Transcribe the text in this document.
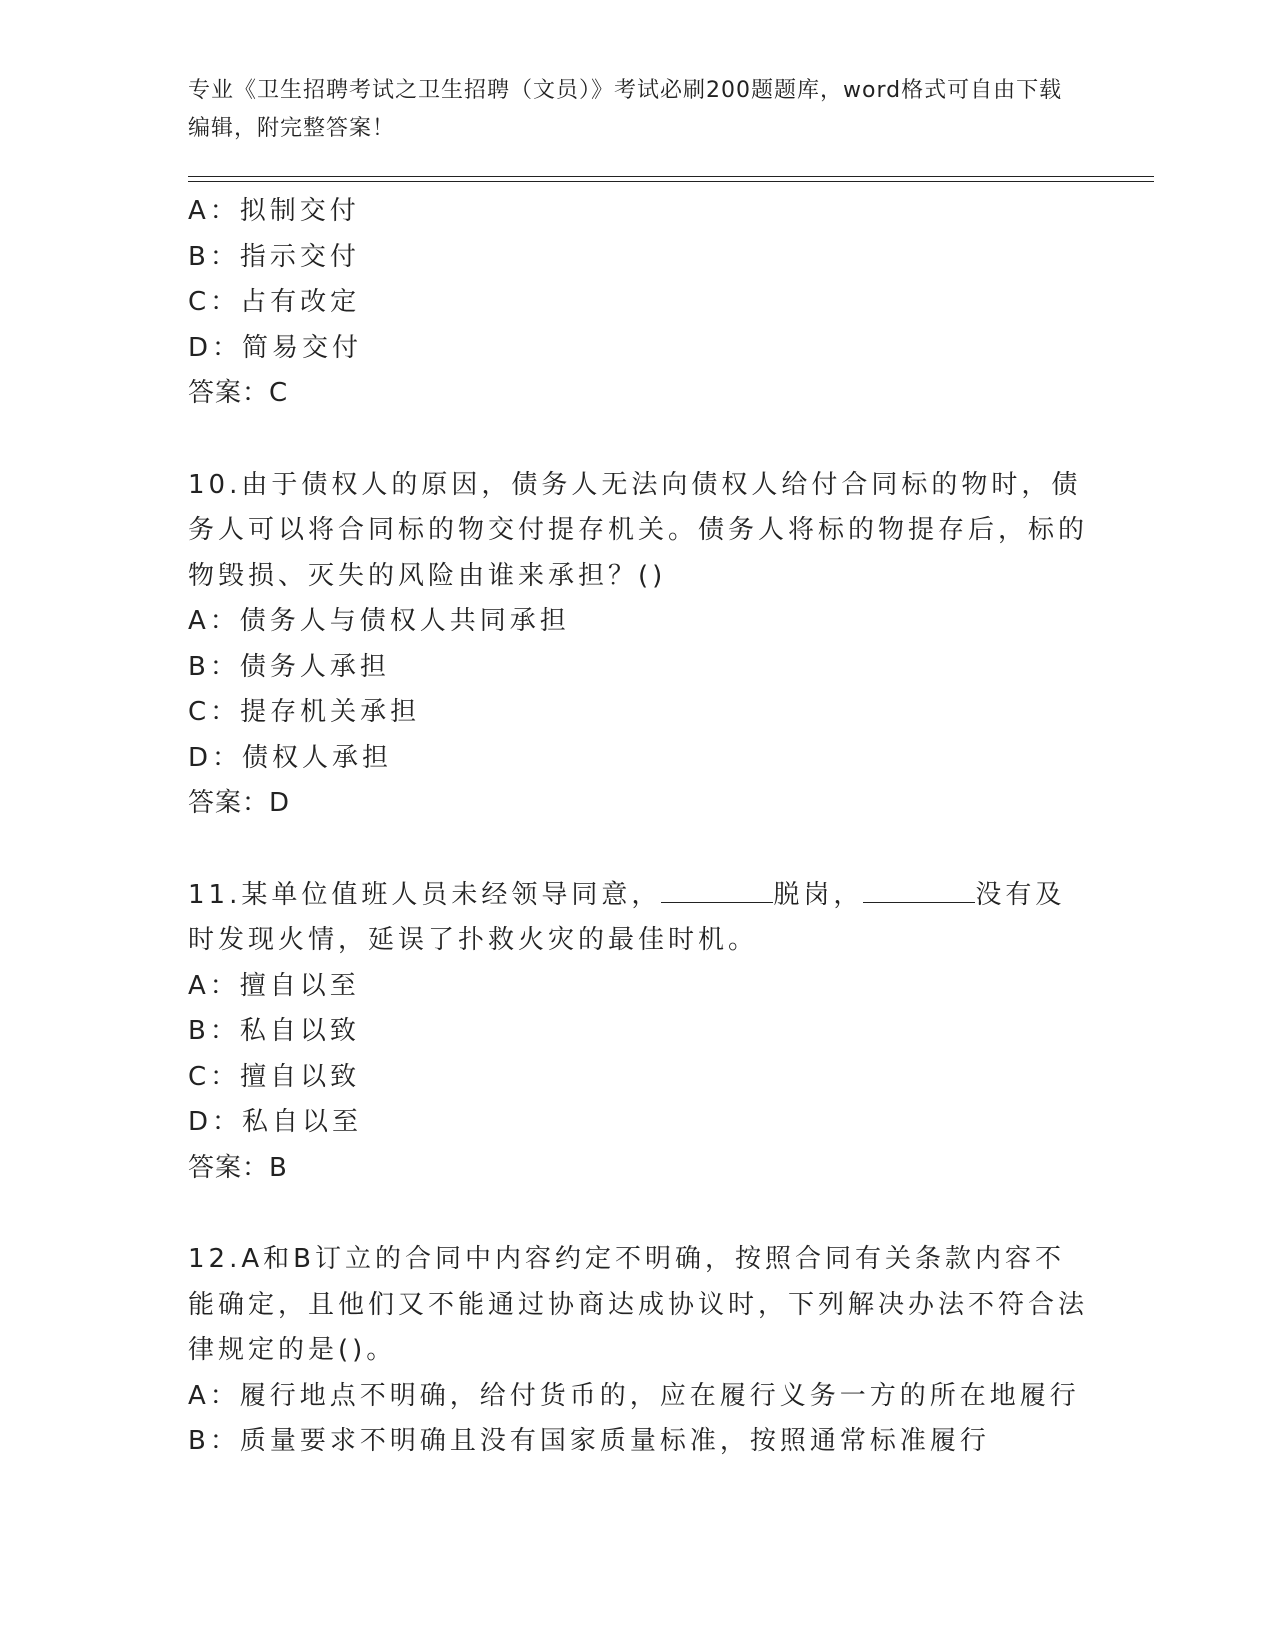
专业《卫生招聘考试之卫生招聘（文员）》考试必刷200题题库，word格式可自由下载编辑，附完整答案！
A：拟制交付
B：指示交付
C：占有改定
D：简易交付
答案：C
10.由于债权人的原因，债务人无法向债权人给付合同标的物时，债务人可以将合同标的物交付提存机关。债务人将标的物提存后，标的物毁损、灭失的风险由谁来承担？()
A：债务人与债权人共同承担
B：债务人承担
C：提存机关承担
D：债权人承担
答案：D
11.某单位值班人员未经领导同意，	脱岗，	没有及时发现火情，延误了扑救火灾的最佳时机。
A：擅自以至
B：私自以致
C：擅自以致
D：私自以至
答案：B
12.A和B订立的合同中内容约定不明确，按照合同有关条款内容不能确定，且他们又不能通过协商达成协议时，下列解决办法不符合法律规定的是()。
A：履行地点不明确，给付货币的，应在履行义务一方的所在地履行
B：质量要求不明确且没有国家质量标准，按照通常标准履行
